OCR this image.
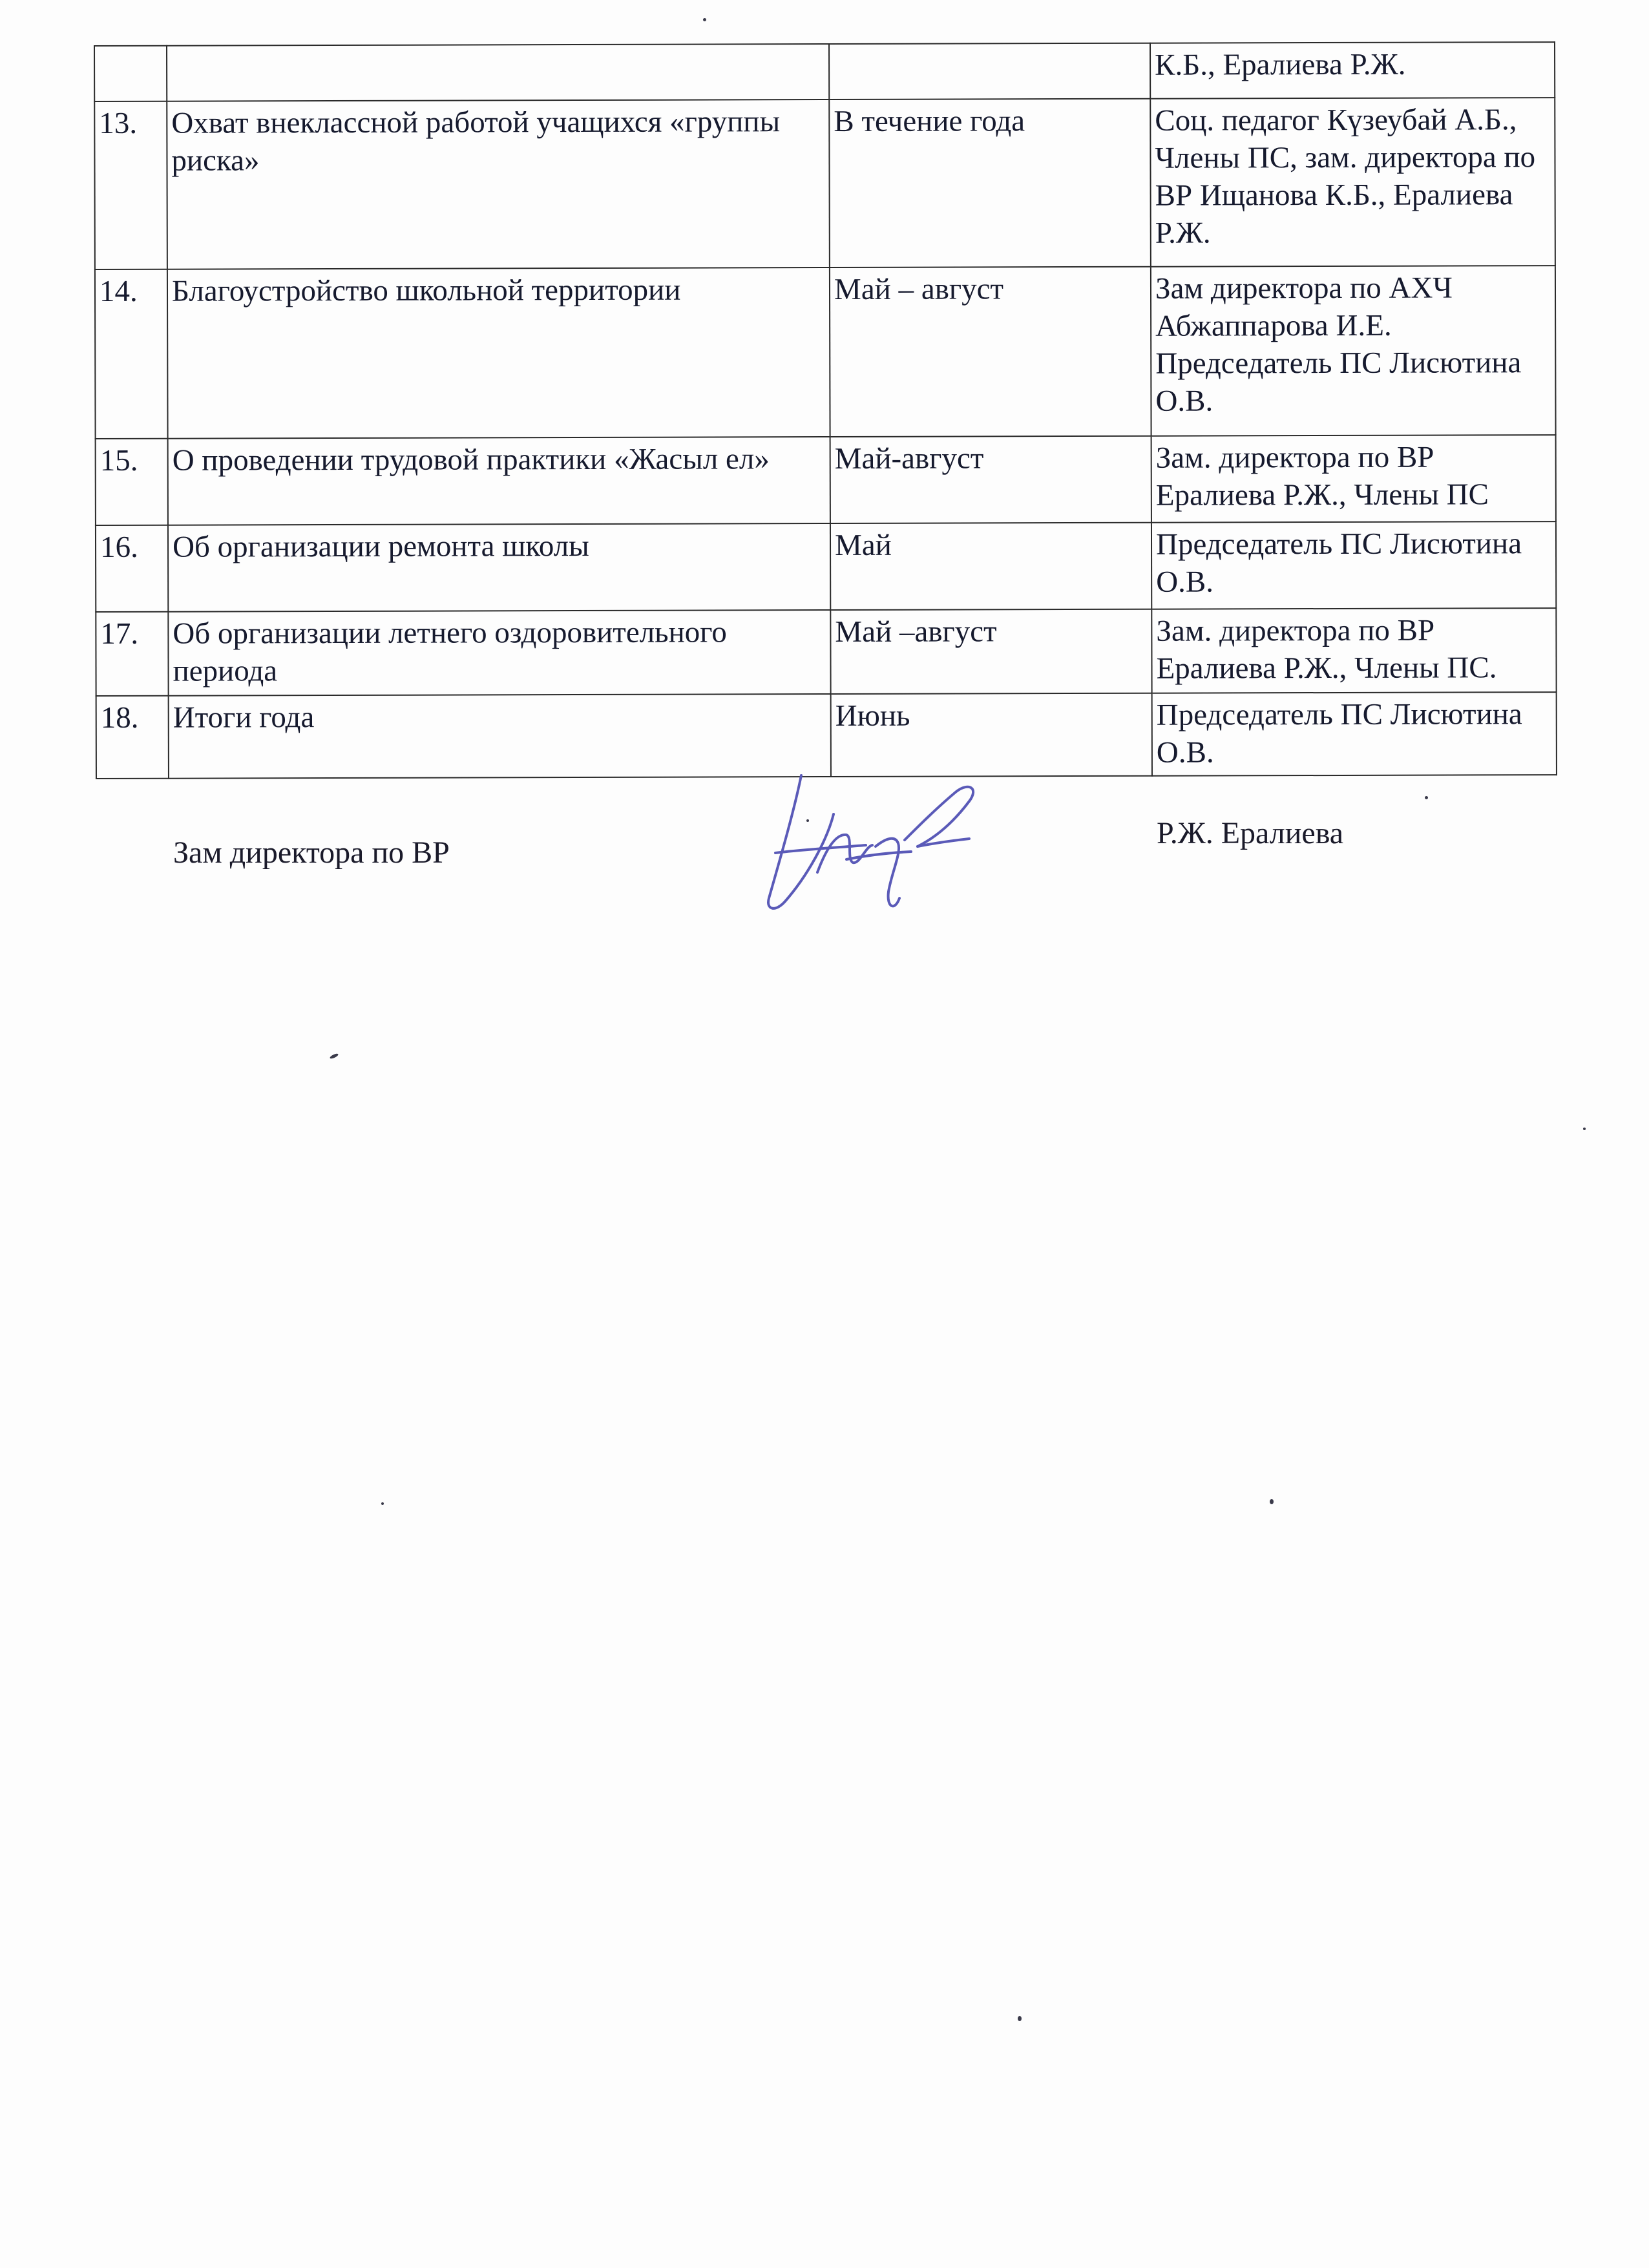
			К.Б., Ералиева Р.Ж.
13.	Охват внеклассной работой учащихся «группы риска»	В течение года	Соц. педагог Күзеубай А.Б., Члены ПС, зам. директора по ВР Ищанова К.Б., Ералиева Р.Ж.
14.	Благоустройство школьной территории	Май – август	Зам директора по АХЧ Абжаппарова И.Е. Председатель ПС Лисютина О.В.
15.	О проведении трудовой практики «Жасыл ел»	Май-август	Зам. директора по ВР Ералиева Р.Ж., Члены ПС
16.	Об организации ремонта школы	Май	Председатель ПС Лисютина О.В.
17.	Об организации летнего оздоровительного периода	Май –август	Зам. директора по ВР Ералиева Р.Ж., Члены ПС.
18.	Итоги года	Июнь	Председатель ПС Лисютина О.В.
Зам директора по ВР
Р.Ж. Ералиева
